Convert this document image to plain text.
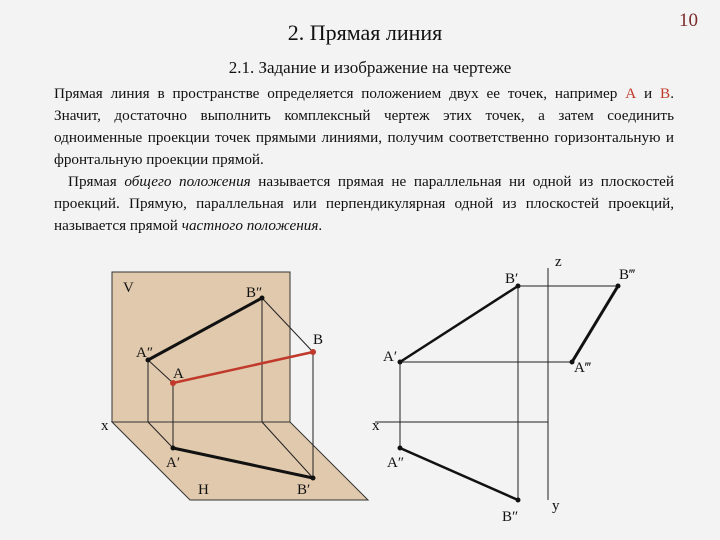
10
2. Прямая линия
2.1. Задание и изображение на чертеже

Прямая линия в пространстве определяется положением двух ее точек, например А и В. Значит, достаточно выполнить комплексный чертеж этих точек, а затем соединить одноименные проекции точек прямыми линиями, получим соответственно горизонтальную и фронтальную проекции прямой.

Прямая общего положения называется прямая не параллельная ни одной из плоскостей проекций. Прямую, параллельная или перпендикулярная одной из плоскостей проекций, называется прямой частного положения.

V	B″
B
A″
A
x
A′
H	B′
z
B′	B‴
A′
A‴
x
A″
B″
y
